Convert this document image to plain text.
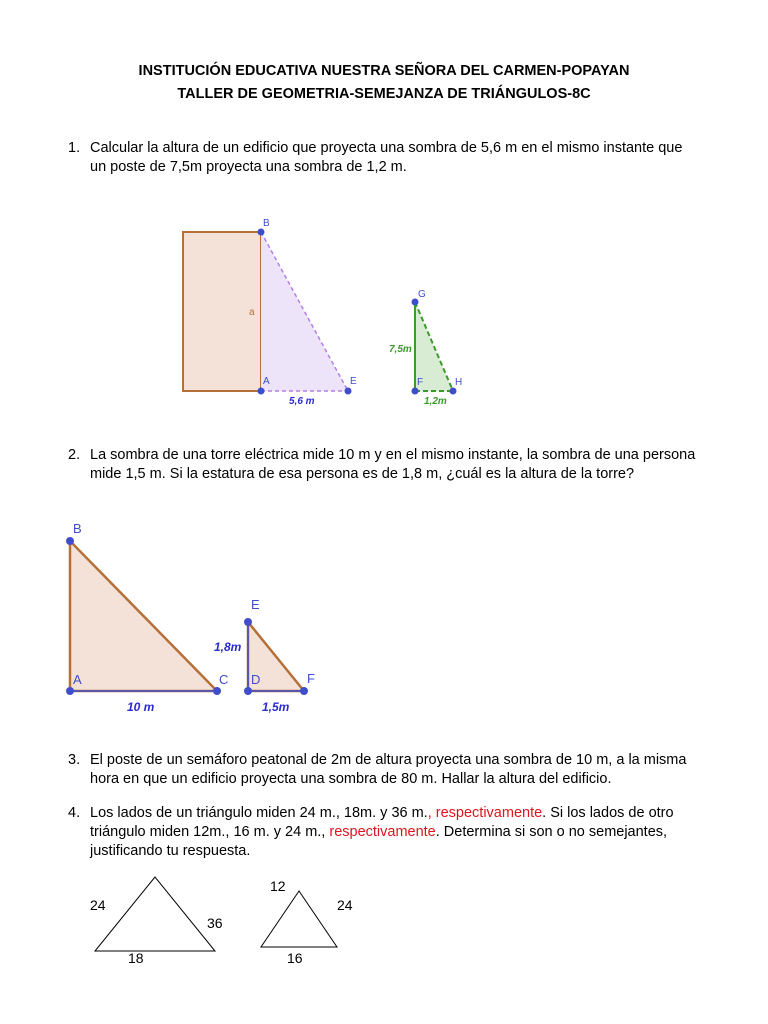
INSTITUCIÓN EDUCATIVA NUESTRA SEÑORA DEL CARMEN-POPAYAN
TALLER DE GEOMETRIA-SEMEJANZA DE TRIÁNGULOS-8C
1. Calcular la altura de un edificio que proyecta una sombra de 5,6 m en el mismo instante que
un poste de 7,5m proyecta una sombra de 1,2 m.
2. La sombra de una torre eléctrica mide 10 m y en el mismo instante, la sombra de una persona
mide 1,5 m. Si la estatura de esa persona es de 1,8 m, ¿cuál es la altura de la torre?
3. El poste de un semáforo peatonal de 2m de altura proyecta una sombra de 10 m, a la misma
hora en que un edificio proyecta una sombra de 80 m. Hallar la altura del edificio.
4. Los lados de un triángulo miden 24 m., 18m. y 36 m., respectivamente. Si los lados de otro
triángulo miden 12m., 16 m. y 24 m., respectivamente. Determina si son o no semejantes,
justificando tu respuesta.
B
A	E
a
5,6 m
G
F	H
7,5m
1,2m
B
A	C
10 m
E
D	F
1,8m
1,5m
24
36
18
12
24
16
